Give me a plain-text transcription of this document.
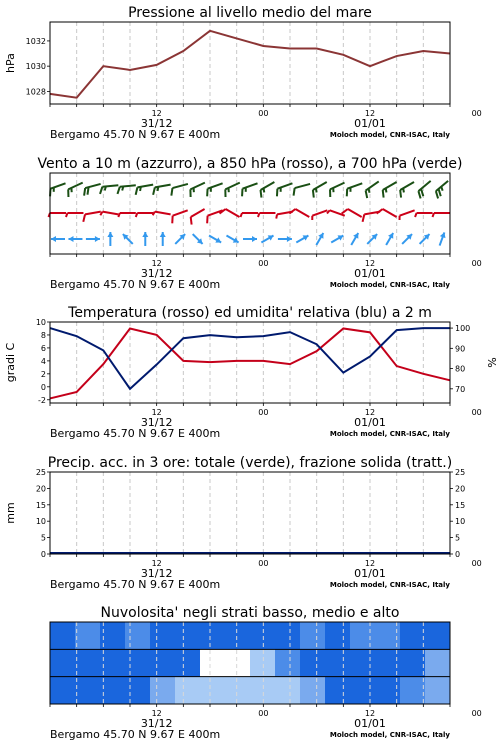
Pressione al livello medio del mare
12	00	12	00
31/12	01/01
Bergamo 45.70 N 9.67 E 400m	Moloch model, CNR-ISAC, Italy
1028
1030
1032
hPa
Vento a 10 m (azzurro), a 850 hPa (rosso), a 700 hPa (verde)
12	00	12	00
31/12	01/01
Bergamo 45.70 N 9.67 E 400m	Moloch model, CNR-ISAC, Italy
Temperatura (rosso) ed umidita' relativa (blu) a 2 m
12	00	12	00
31/12	01/01
Bergamo 45.70 N 9.67 E 400m	Moloch model, CNR-ISAC, Italy
-2
0
2
4
6
8
10
70
80
90
100
gradi C	%
Precip. acc. in 3 ore: totale (verde), frazione solida (tratt.)
12	00	12	00
31/12	01/01
Bergamo 45.70 N 9.67 E 400m	Moloch model, CNR-ISAC, Italy
0	0
5	5
10	10
15	15
20	20
25	25
mm
Nuvolosita' negli strati basso, medio e alto
12	00	12	00
31/12	01/01
Bergamo 45.70 N 9.67 E 400m	Moloch model, CNR-ISAC, Italy
